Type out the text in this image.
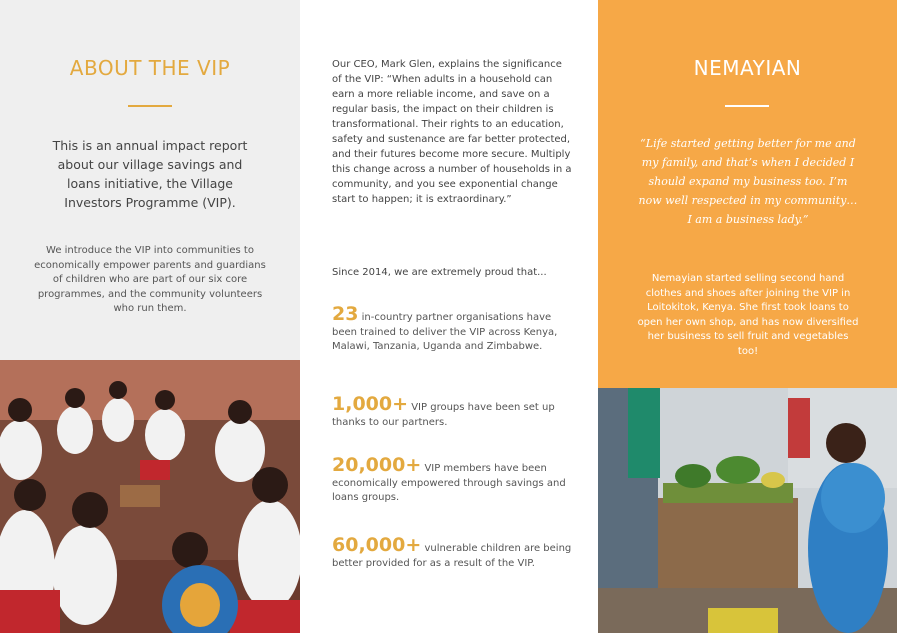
ABOUT THE VIP
This is an annual impact report about our village savings and loans initiative, the Village Investors Programme (VIP).
We introduce the VIP into communities to economically empower parents and guardians of children who are part of our six core programmes, and the community volunteers who run them.
Our CEO, Mark Glen, explains the significance of the VIP: “When adults in a household can earn a more reliable income, and save on a regular basis, the impact on their children is transformational. Their rights to an education, safety and sustenance are far better protected, and their futures become more secure. Multiply this change across a number of households in a community, and you see exponential change start to happen; it is extraordinary.”
Since 2014, we are extremely proud that...
23 in-country partner organisations have been trained to deliver the VIP across Kenya, Malawi, Tanzania, Uganda and Zimbabwe.
1,000+ VIP groups have been set up thanks to our partners.
20,000+ VIP members have been economically empowered through savings and loans groups.
60,000+ vulnerable children are being better provided for as a result of the VIP.
NEMAYIAN
“Life started getting better for me and my family, and that’s when I decided I should expand my business too. I’m now well respected in my community… I am a business lady.”
Nemayian started selling second hand clothes and shoes after joining the VIP in Loitokitok, Kenya. She first took loans to open her own shop, and has now diversified her business to sell fruit and vegetables too!
